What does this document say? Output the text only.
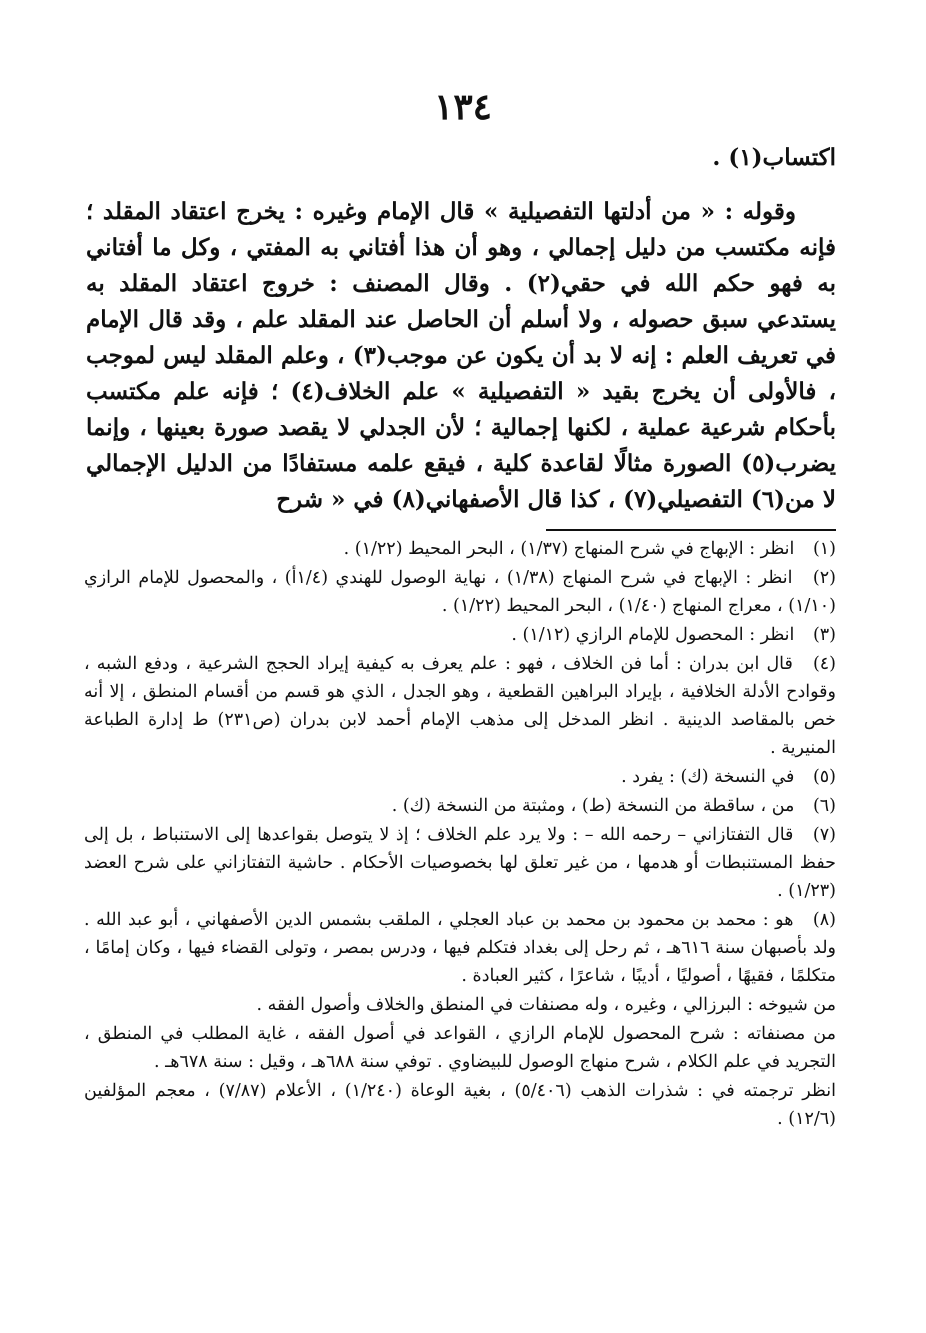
١٣٤

اكتساب(١) .

وقوله : « من أدلتها التفصيلية » قال الإمام وغيره : يخرج اعتقاد المقلد ؛ فإنه مكتسب من دليل إجمالي ، وهو أن هذا أفتاني به المفتي ، وكل ما أفتاني به فهو حكم الله في حقي(٢) . وقال المصنف : خروج اعتقاد المقلد به يستدعي سبق حصوله ، ولا أسلم أن الحاصل عند المقلد علم ، وقد قال الإمام في تعريف العلم : إنه لا بد أن يكون عن موجب(٣) ، وعلم المقلد ليس لموجب ، فالأولى أن يخرج بقيد « التفصيلية » علم الخلاف(٤) ؛ فإنه علم مكتسب بأحكام شرعية عملية ، لكنها إجمالية ؛ لأن الجدلي لا يقصد صورة بعينها ، وإنما يضرب(٥) الصورة مثالًا لقاعدة كلية ، فيقع علمه مستفادًا من الدليل الإجمالي لا من(٦) التفصيلي(٧) ، كذا قال الأصفهاني(٨) في « شرح

(١) انظر : الإبهاج في شرح المنهاج (١/٣٧) ، البحر المحيط (١/٢٢) .

(٢) انظر : الإبهاج في شرح المنهاج (١/٣٨) ، نهاية الوصول للهندي (١/٤أ) ، والمحصول للإمام الرازي (١/١٠) ، معراج المنهاج (١/٤٠) ، البحر المحيط (١/٢٢) .

(٣) انظر : المحصول للإمام الرازي (١/١٢) .

(٤) قال ابن بدران : أما فن الخلاف ، فهو : علم يعرف به كيفية إيراد الحجج الشرعية ، ودفع الشبه ، وقوادح الأدلة الخلافية ، بإيراد البراهين القطعية ، وهو الجدل ، الذي هو قسم من أقسام المنطق ، إلا أنه خص بالمقاصد الدينية . انظر المدخل إلى مذهب الإمام أحمد لابن بدران (ص٢٣١) ط إدارة الطباعة المنيرية .

(٥) في النسخة (ك) : يفرد .

(٦) من ، ساقطة من النسخة (ط) ، ومثبتة من النسخة (ك) .

(٧) قال التفتازاني – رحمه الله – : ولا يرد علم الخلاف ؛ إذ لا يتوصل بقواعدها إلى الاستنباط ، بل إلى حفظ المستنبطات أو هدمها ، من غير تعلق لها بخصوصيات الأحكام . حاشية التفتازاني على شرح العضد (١/٢٣) .

(٨) هو : محمد بن محمود بن محمد بن عباد العجلي ، الملقب بشمس الدين الأصفهاني ، أبو عبد الله . ولد بأصبهان سنة ٦١٦هـ ، ثم رحل إلى بغداد فتكلم فيها ، ودرس بمصر ، وتولى القضاء فيها ، وكان إمامًا ، متكلمًا ، فقيهًا ، أصوليًا ، أديبًا ، شاعرًا ، كثير العبادة .

من شيوخه : البرزالي ، وغيره ، وله مصنفات في المنطق والخلاف وأصول الفقه .

من مصنفاته : شرح المحصول للإمام الرازي ، القواعد في أصول الفقه ، غاية المطلب في المنطق ، التجريد في علم الكلام ، شرح منهاج الوصول للبيضاوي . توفي سنة ٦٨٨هـ ، وقيل : سنة ٦٧٨هـ .

انظر ترجمته في : شذرات الذهب (٥/٤٠٦) ، بغية الوعاة (١/٢٤٠) ، الأعلام (٧/٨٧) ، معجم المؤلفين (١٢/٦) .
